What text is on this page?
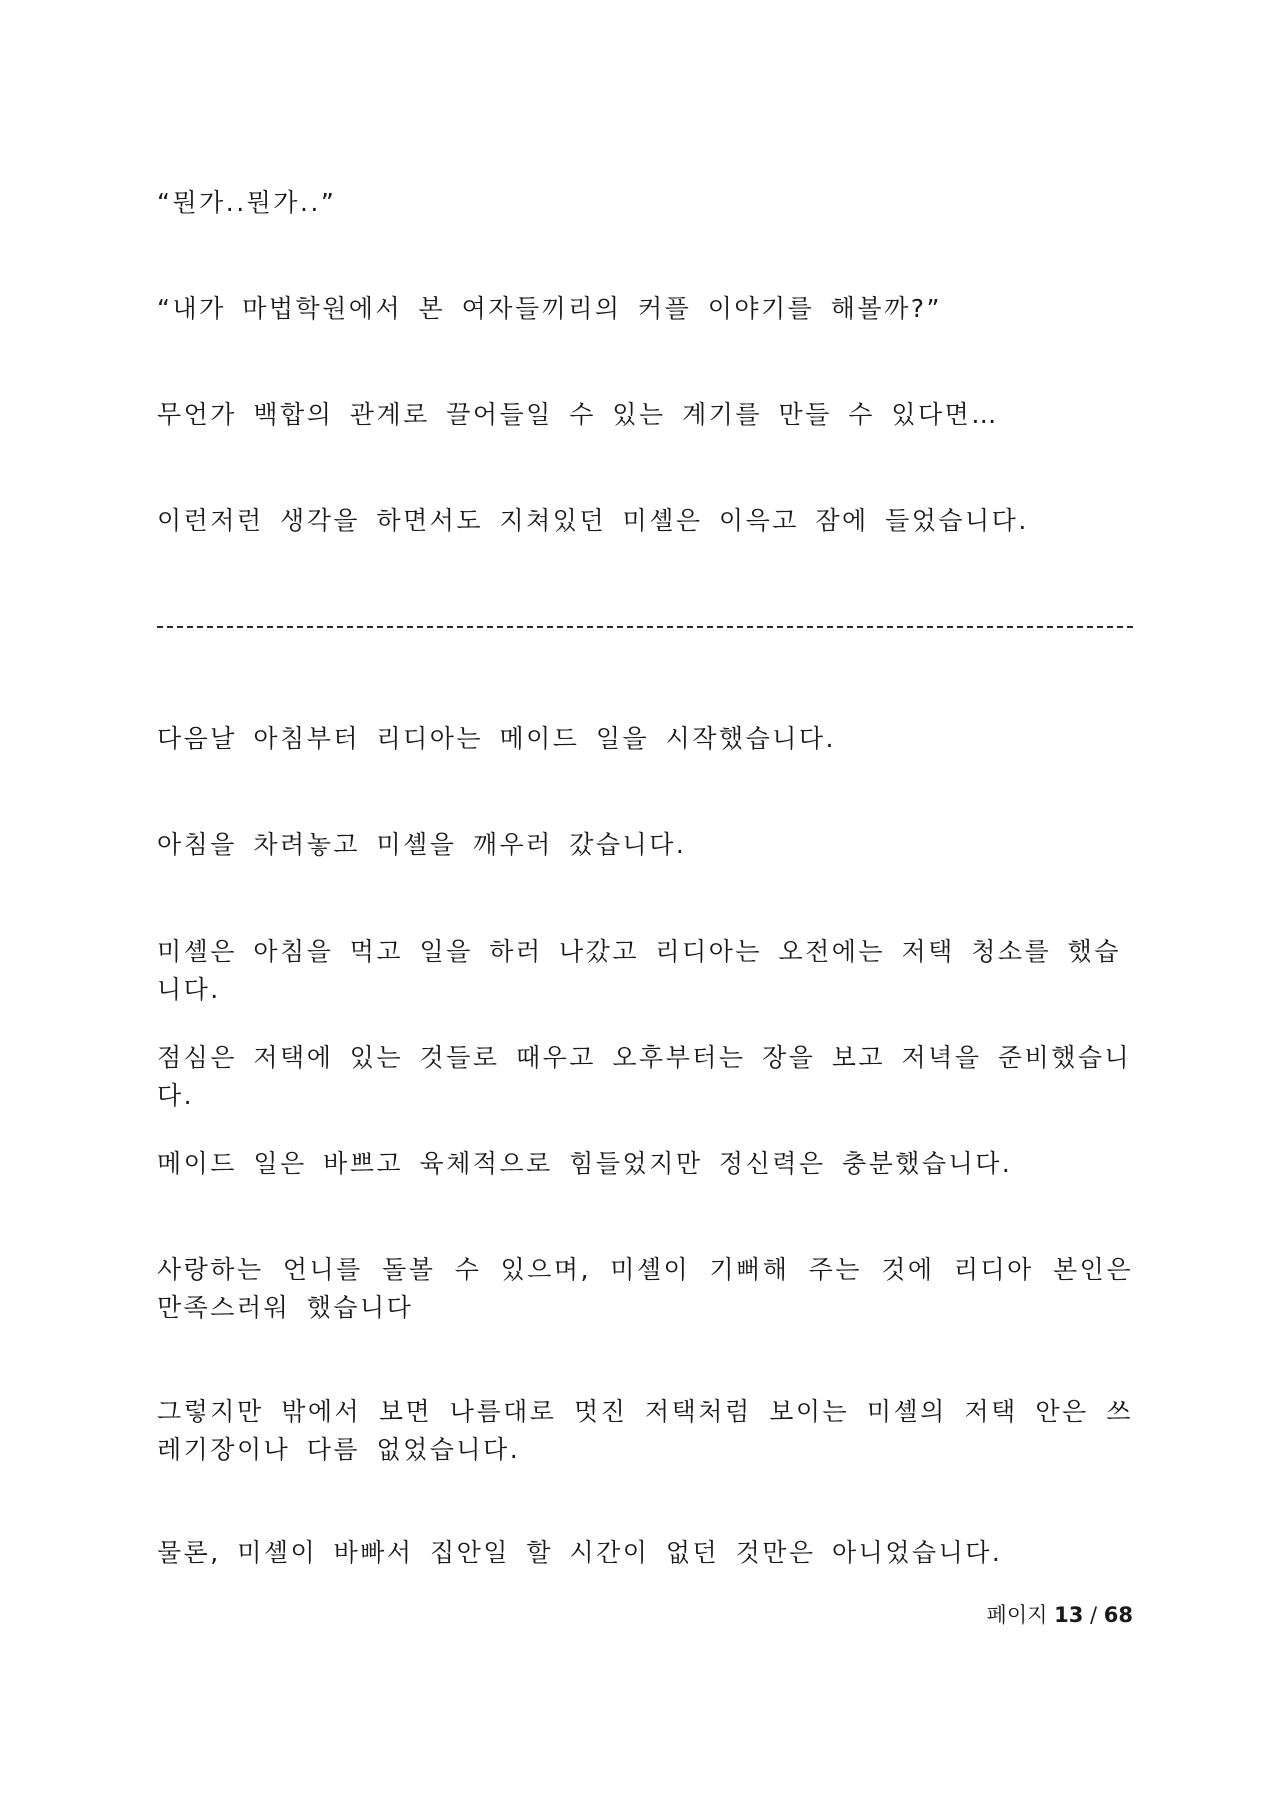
“뭔가..뭔가..”

“내가 마법학원에서 본 여자들끼리의 커플 이야기를 해볼까?”

무언가 백합의 관계로 끌어들일 수 있는 계기를 만들 수 있다면…

이런저런 생각을 하면서도 지쳐있던 미셸은 이윽고 잠에 들었습니다.

다음날 아침부터 리디아는 메이드 일을 시작했습니다.

아침을 차려놓고 미셸을 깨우러 갔습니다.

미셸은 아침을 먹고 일을 하러 나갔고 리디아는 오전에는 저택 청소를 했습니다.

점심은 저택에 있는 것들로 때우고 오후부터는 장을 보고 저녁을 준비했습니다.

메이드 일은 바쁘고 육체적으로 힘들었지만 정신력은 충분했습니다.

사랑하는 언니를 돌볼 수 있으며, 미셸이 기뻐해 주는 것에 리디아 본인은 만족스러워 했습니다

그렇지만 밖에서 보면 나름대로 멋진 저택처럼 보이는 미셸의 저택 안은 쓰레기장이나 다름 없었습니다.

물론, 미셸이 바빠서 집안일 할 시간이 없던 것만은 아니었습니다.

페이지 13 / 68
